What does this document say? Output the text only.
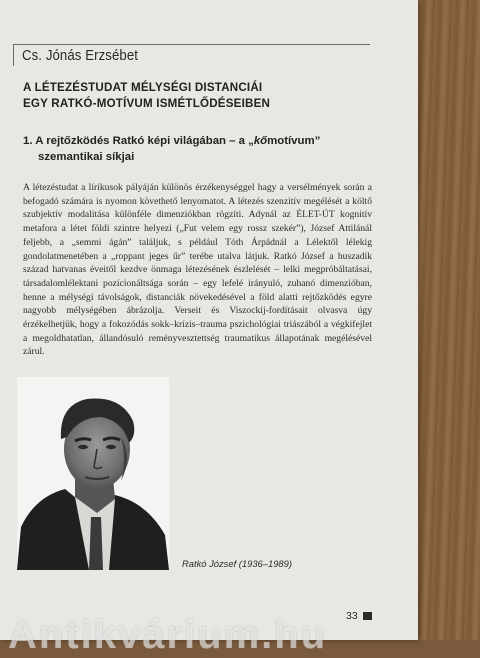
Cs. Jónás Erzsébet
A LÉTEZÉSTUDAT MÉLYSÉGI DISTANCIÁI
EGY RATKÓ-MOTÍVUM ISMÉTLŐDÉSEIBEN
1. A rejtőzködés Ratkó képi világában – a „kőmotívum”
szemantikai síkjai
A létezéstudat a lírikusok pályáján különös érzékenységgel hagy a versélmények során a befogadó számára is nyomon követhető lenyomatot. A létezés szenzitív megélését a költő szubjektív modalitása különféle dimenziókban rögzíti. Adynál az ÉLET-ÚT kognitív metafora a létet földi szintre helyezi („Fut velem egy rossz szekér”), József Attilánál feljebb, a „semmi ágán” találjuk, s például Tóth Árpádnál a Lélektől lélekig gondolatmenetében a „roppant jeges űr” terébe utalva látjuk. Ratkó József a huszadik század hatvanas éveitől kezdve önmaga létezésének észlelését – lelki megpróbáltatásai, társadalomlélektani pozícionáltsága során – egy lefelé irányuló, zuhanó dimenzióban, henne a mélységi távolságok, distanciák növekedésével a föld alatti rejtőzködés egyre nagyobb mélységében ábrázolja. Verseit és Viszockij-fordításait olvasva úgy érzékelhetjük, hogy a fokozódás sokk–krízis–trauma pszichológiai triászából a végkifejlet a megoldhatatlan, állandósuló reményvesztettség traumatikus állapotának megélésével zárul.
Ratkó József (1936–1989)
33
Antikvárium.hu
